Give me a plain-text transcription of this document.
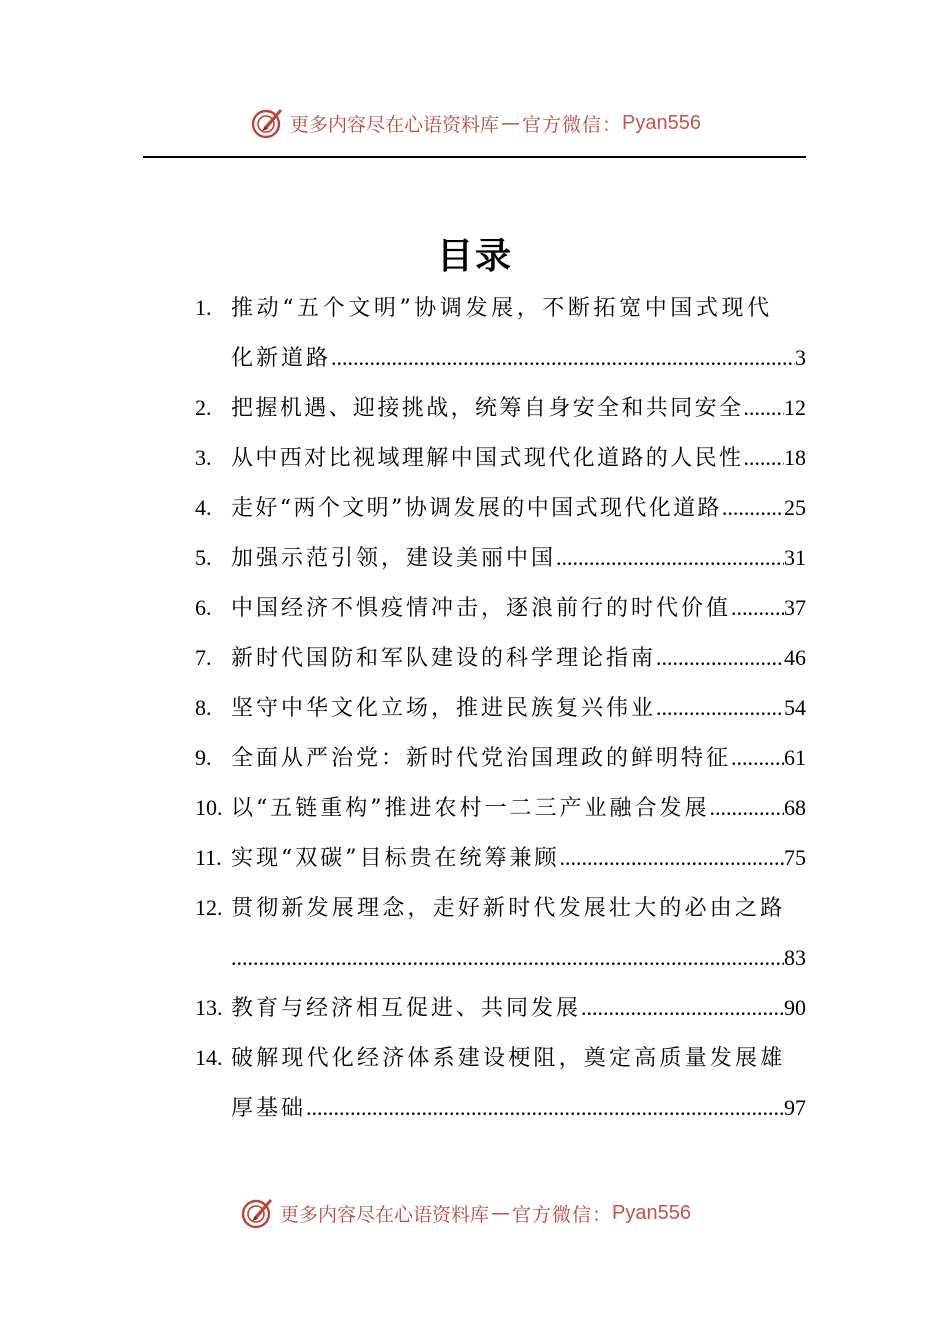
更多内容尽在心语资料库 — 官方微信： Pyan556
目录
1. 推动“五个文明”协调发展，不断拓宽中国式现代
化新道路 .....	3
2. 把握机遇、迎接挑战，统筹自身安全和共同安全 ..... 12
3. 从中西对比视域理解中国式现代化道路的人民性 ..... 18
4. 走好“两个文明”协调发展的中国式现代化道路 .....	25
5. 加强示范引领，建设美丽中国 .....	31
6. 中国经济不惧疫情冲击，逐浪前行的时代价值 ..... 37
7. 新时代国防和军队建设的科学理论指南 .....	46
8. 坚守中华文化立场，推进民族复兴伟业 .....	54
9. 全面从严治党：新时代党治国理政的鲜明特征 ..... 61
10. 以“五链重构”推进农村一二三产业融合发展 .....	68
11. 实现“双碳”目标贵在统筹兼顾 .....	75
12. 贯彻新发展理念，走好新时代发展壮大的必由之路
.....
83
13. 教育与经济相互促进、共同发展 .....	90
14. 破解现代化经济体系建设梗阻，奠定高质量发展雄
厚基础 .....	97
更多内容尽在心语资料库 — 官方微信： Pyan556
